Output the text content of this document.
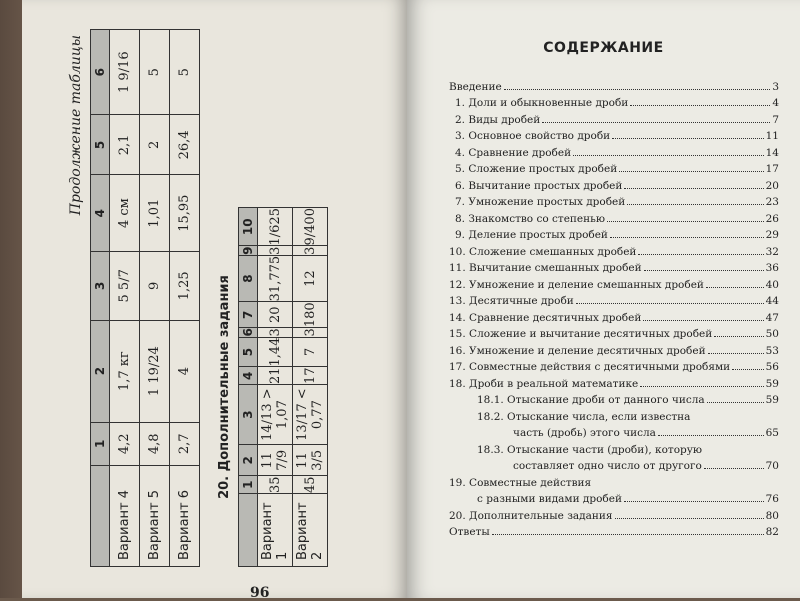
Продолжение таблицы
	1	2	3	4	5	6
Вариант 4	4,2	1,7 кг	5 5/7	4 см	2,1	1 9/16
Вариант 5	4,8	1 19/24	9	1,01	2	5
Вариант 6	2,7	4	1,25	15,95	26,4	5
20. Дополнительные задания
	1	2	3	4	5	6	7	8	9	10
Вариант 1	35	11 7/9	14/13 > 1,07	21	1,44	3	20	31,775	3	1/625
Вариант 2	45	11 3/5	13/17 < 0,77	17	7	3	180	12	3	9/400
96
СОДЕРЖАНИЕ
Введение	3
1. Доли и обыкновенные дроби	4
2. Виды дробей	7
3. Основное свойство дроби	11
4. Сравнение дробей	14
5. Сложение простых дробей	17
6. Вычитание простых дробей	20
7. Умножение простых дробей	23
8. Знакомство со степенью	26
9. Деление простых дробей	29
10. Сложение смешанных дробей	32
11. Вычитание смешанных дробей	36
12. Умножение и деление смешанных дробей	40
13. Десятичные дроби	44
14. Сравнение десятичных дробей	47
15. Сложение и вычитание десятичных дробей	50
16. Умножение и деление десятичных дробей	53
17. Совместные действия с десятичными дробями	56
18. Дроби в реальной математике	59
18.1. Отыскание дроби от данного числа	59
18.2. Отыскание числа, если известна
часть (дробь) этого числа	65
18.3. Отыскание части (дроби), которую
составляет одно число от другого	70
19. Совместные действия
с разными видами дробей	76
20. Дополнительные задания	80
Ответы	82
